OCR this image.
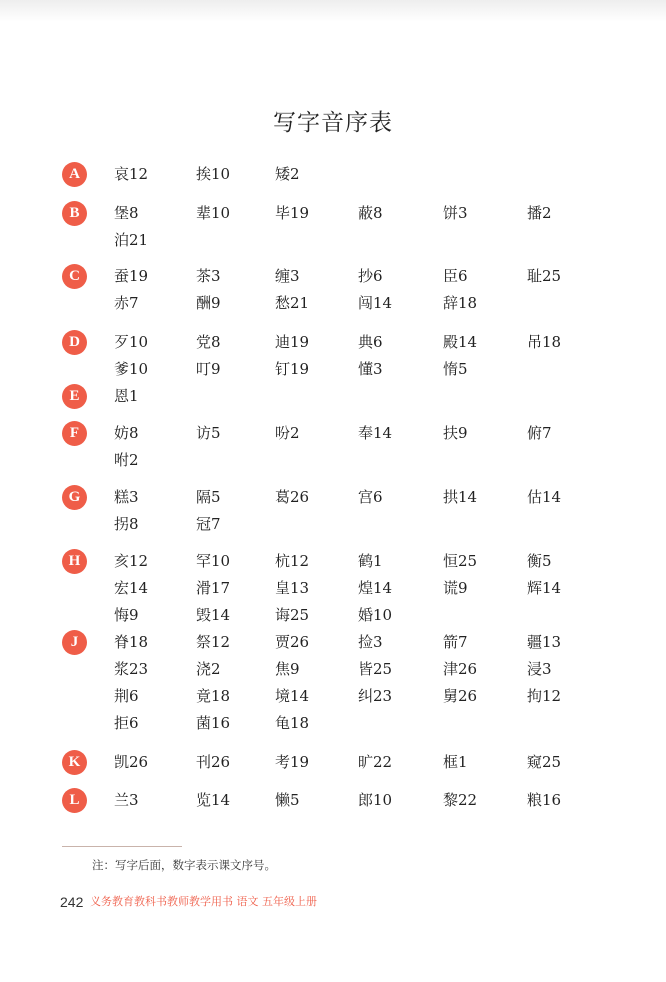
写字音序表
A	哀12	挨10	矮2
B	堡8	辈10	毕19	蔽8	饼3	播2
泊21
C	蚕19	茶3	缠3	抄6	臣6	耻25
赤7	酬9	愁21	闯14	辞18
D	歹10	党8	迪19	典6	殿14	吊18
爹10	叮9	钉19	懂3	惰5
E	恩1
F	妨8	访5	吩2	奉14	扶9	俯7
咐2
G	糕3	隔5	葛26	宫6	拱14	估14
拐8	冠7
H	亥12	罕10	杭12	鹤1	恒25	衡5
宏14	滑17	皇13	煌14	谎9	辉14
悔9	毁14	诲25	婚10
J	脊18	祭12	贾26	捡3	箭7	疆13
浆23	浇2	焦9	皆25	津26	浸3
荆6	竟18	境14	纠23	舅26	拘12
拒6	菌16	龟18
K	凯26	刊26	考19	旷22	框1	窥25
L	兰3	览14	懒5	郎10	黎22	粮16
注：写字后面，数字表示课文序号。
242 义务教育教科书教师教学用书 语文 五年级上册
